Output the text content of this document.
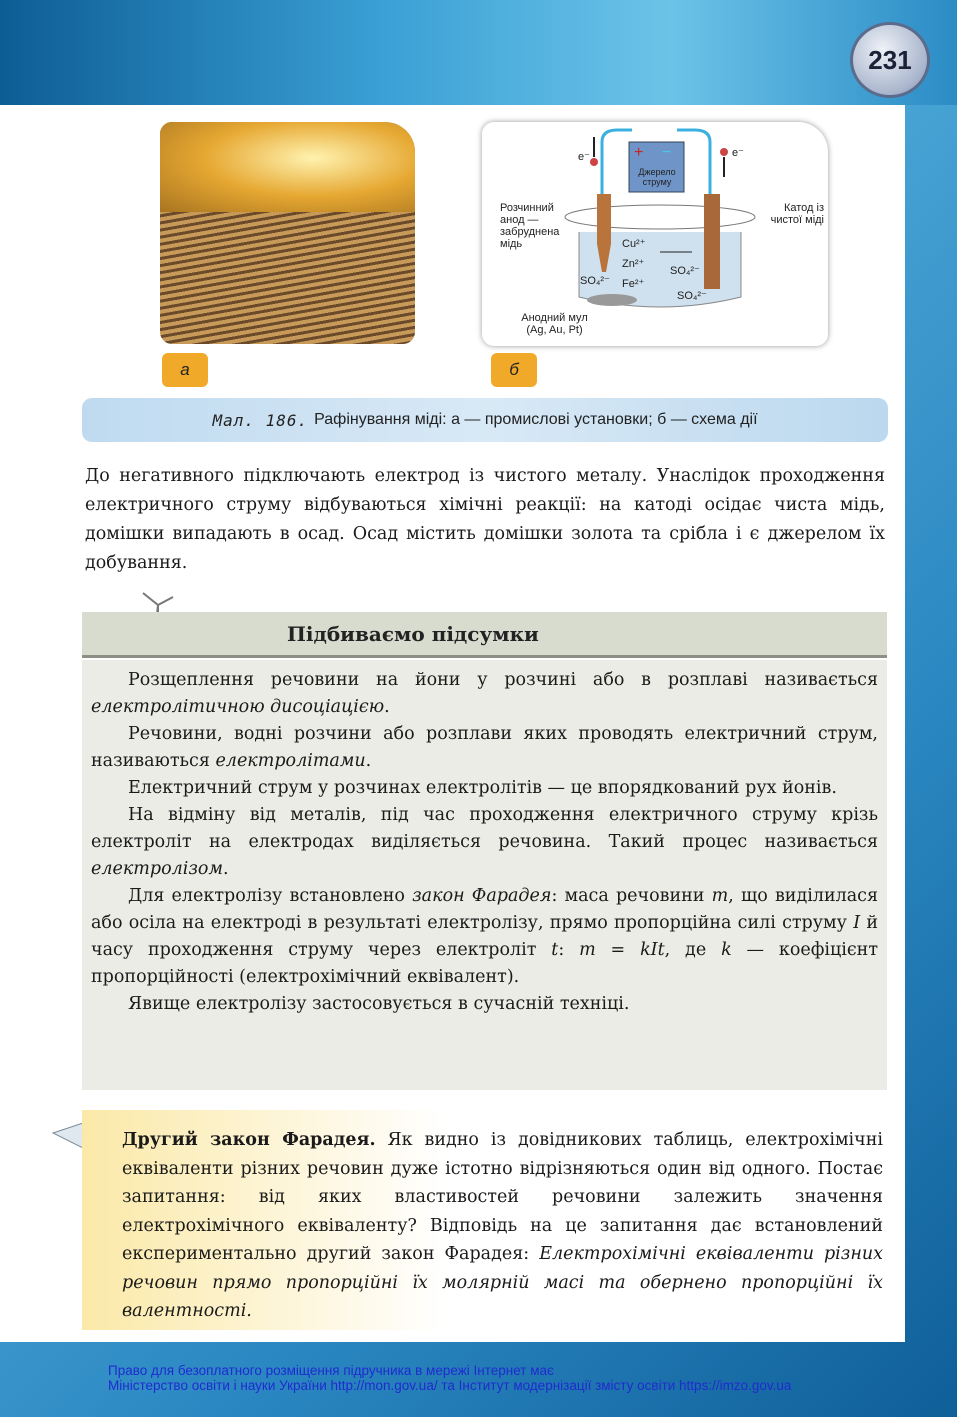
231
+ −
Джерело струму
e⁻	e⁻
Розчинний анод — забруднена мідь
Катод із чистої міді
Cu²⁺
Zn²⁺
Fe²⁺
SO₄²⁻
SO₄²⁻
SO₄²⁻
Анодний мул (Ag, Au, Pt)
а	б
Мал. 186. Рафінування міді: а — промислові установки; б — схема дії

До негативного підключають електрод із чистого металу. Унаслідок проходження електричного струму відбуваються хімічні реакції: на катоді осідає чиста мідь, домішки випадають в осад. Осад містить домішки золота та срібла і є джерелом їх добування.

Підбиваємо підсумки

Розщеплення речовини на йони у розчині або в розплаві називається електролітичною дисоціацією.

Речовини, водні розчини або розплави яких проводять електричний струм, називаються електролітами.

Електричний струм у розчинах електролітів — це впорядкований рух йонів.

На відміну від металів, під час проходження електричного струму крізь електроліт на електродах виділяється речовина. Такий процес називається електролізом.

Для електролізу встановлено закон Фарадея: маса речовини m, що виділилася або осіла на електроді в результаті електролізу, прямо пропорційна силі струму I й часу проходження струму через електроліт t: m = kIt, де k — коефіцієнт пропорційності (електрохімічний еквівалент).

Явище електролізу застосовується в сучасній техніці.

Другий закон Фарадея. Як видно із довідникових таблиць, електрохімічні еквіваленти різних речовин дуже істотно відрізняються один від одного. Постає запитання: від яких властивостей речовини залежить значення електрохімічного еквіваленту? Відповідь на це запитання дає встановлений експериментально другий закон Фарадея: Електрохімічні еквіваленти різних речовин прямо пропорційні їх молярній масі та обернено пропорційні їх валентності.

Право для безоплатного розміщення підручника в мережі Інтернет має
Міністерство освіти і науки України http://mon.gov.ua/ та Інститут модернізації змісту освіти https://imzo.gov.ua
